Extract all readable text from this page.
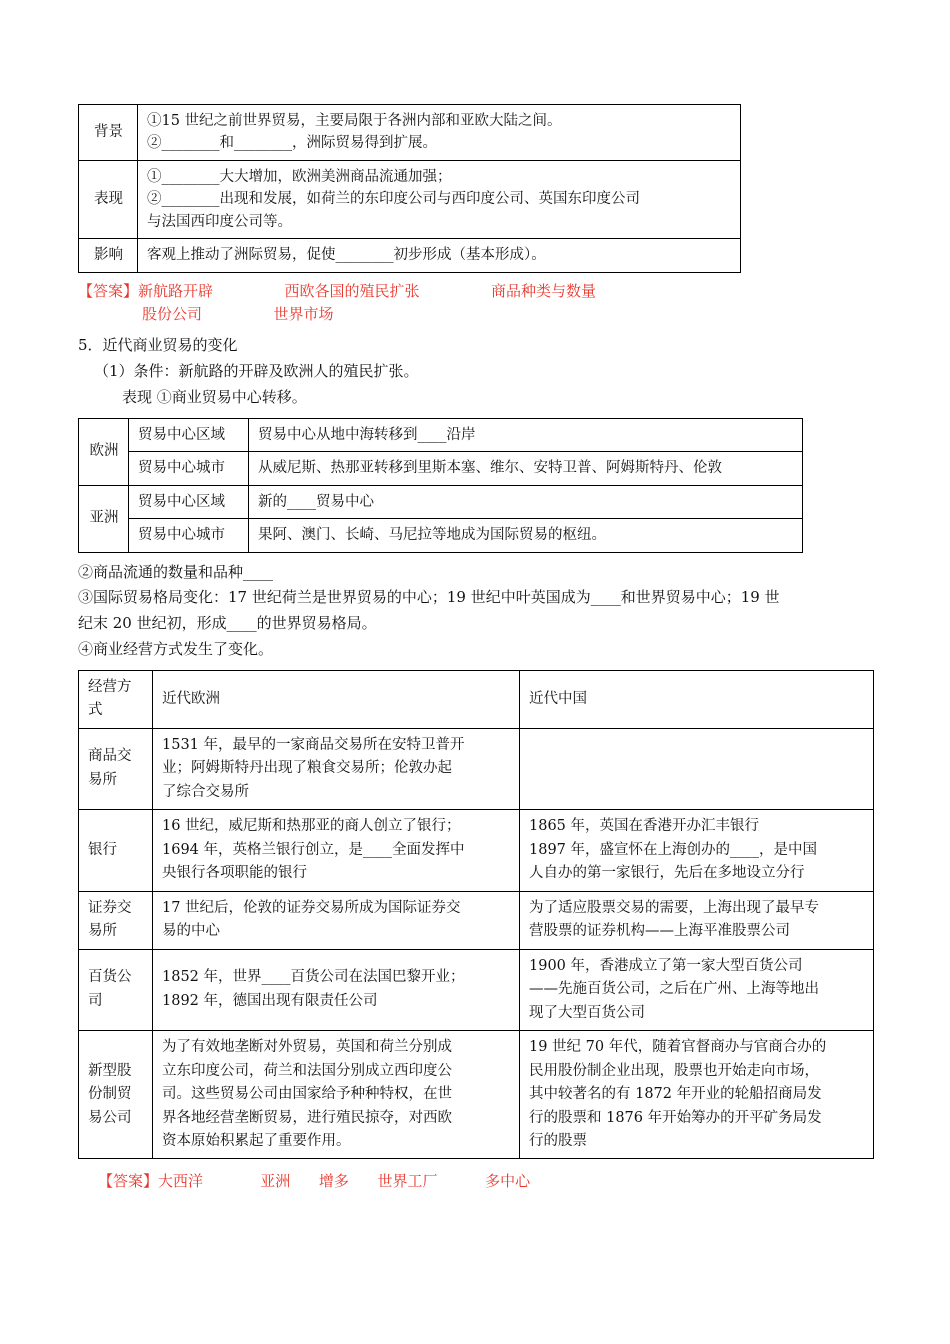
背景	①15 世纪之前世界贸易，主要局限于各洲内部和亚欧大陆之间。
②________和________，洲际贸易得到扩展。

表现	①________大大增加，欧洲美洲商品流通加强；
②________出现和发展，如荷兰的东印度公司与西印度公司、英国东印度公司
与法国西印度公司等。

影响	客观上推动了洲际贸易，促使________初步形成（基本形成）。
【答案】新航路开辟               西欧各国的殖民扩张               商品种类与数量
股份公司               世界市场
5．近代商业贸易的变化
（1）条件：新航路的开辟及欧洲人的殖民扩张。
表现 ①商业贸易中心转移。
欧洲	贸易中心区域	贸易中心从地中海转移到____沿岸
	贸易中心城市	从威尼斯、热那亚转移到里斯本塞、维尔、安特卫普、阿姆斯特丹、伦敦
亚洲	贸易中心区域	新的____贸易中心
	贸易中心城市	果阿、澳门、长崎、马尼拉等地成为国际贸易的枢纽。
②商品流通的数量和品种____
③国际贸易格局变化：17 世纪荷兰是世界贸易的中心；19 世纪中叶英国成为____和世界贸易中心；19 世
纪末 20 世纪初，形成____的世界贸易格局。
④商业经营方式发生了变化。
经营方式	近代欧洲	近代中国
商品交易所	1531 年，最早的一家商品交易所在安特卫普开
业；阿姆斯特丹出现了粮食交易所；伦敦办起
了综合交易所	

银行	16 世纪，威尼斯和热那亚的商人创立了银行；
1694 年，英格兰银行创立，是____全面发挥中
央银行各项职能的银行	1865 年，英国在香港开办汇丰银行
1897 年，盛宣怀在上海创办的____，是中国
人自办的第一家银行，先后在多地设立分行

证券交易所	17 世纪后，伦敦的证券交易所成为国际证券交
易的中心	为了适应股票交易的需要，上海出现了最早专
营股票的证券机构——上海平准股票公司

百货公司	1852 年，世界____百货公司在法国巴黎开业；
1892 年，德国出现有限责任公司	1900 年，香港成立了第一家大型百货公司
——先施百货公司，之后在广州、上海等地出
现了大型百货公司

新型股份制贸易公司	为了有效地垄断对外贸易，英国和荷兰分别成
立东印度公司，荷兰和法国分别成立西印度公
司。这些贸易公司由国家给予种种特权，在世
界各地经营垄断贸易，进行殖民掠夺，对西欧
资本原始积累起了重要作用。	19 世纪 70 年代，随着官督商办与官商合办的
民用股份制企业出现，股票也开始走向市场，
其中较著名的有 1872 年开业的轮船招商局发
行的股票和 1876 年开始筹办的开平矿务局发
行的股票
【答案】大西洋            亚洲      增多      世界工厂          多中心
